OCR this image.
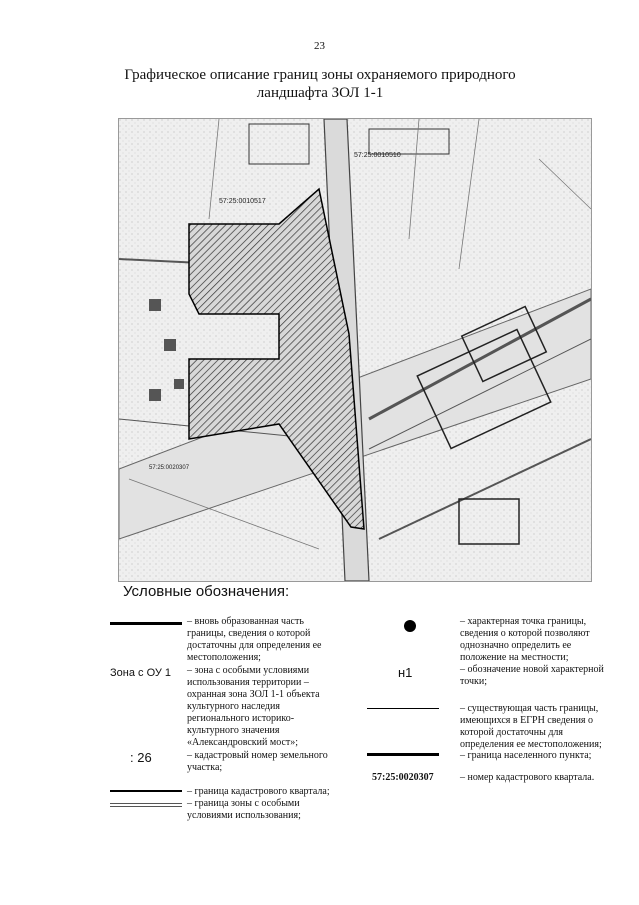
23
Графическое описание границ зоны охраняемого природного
ландшафта ЗОЛ 1-1
57:25:0010517
57:25:0010510
57:25:0020307
Условные обозначения:
– вновь образованная часть
границы, сведения о которой
достаточны для определения ее
местоположения;
Зона с ОУ 1 – зона с особыми условиями
использования территории –
охранная зона ЗОЛ 1-1 объекта
культурного наследия
регионального историко-
культурного значения
«Александровский мост»;
: 26	– кадастровый номер земельного
участка;
– граница кадастрового квартала;
– граница зоны с особыми
условиями использования;
– характерная точка границы,
сведения о которой позволяют
однозначно определить ее
положение на местности;
н1	– обозначение новой характерной
точки;
– существующая часть границы,
имеющихся в ЕГРН сведения о
которой достаточны для
определения ее местоположения;
– граница населенного пункта;
57:25:0020307	– номер кадастрового квартала.
